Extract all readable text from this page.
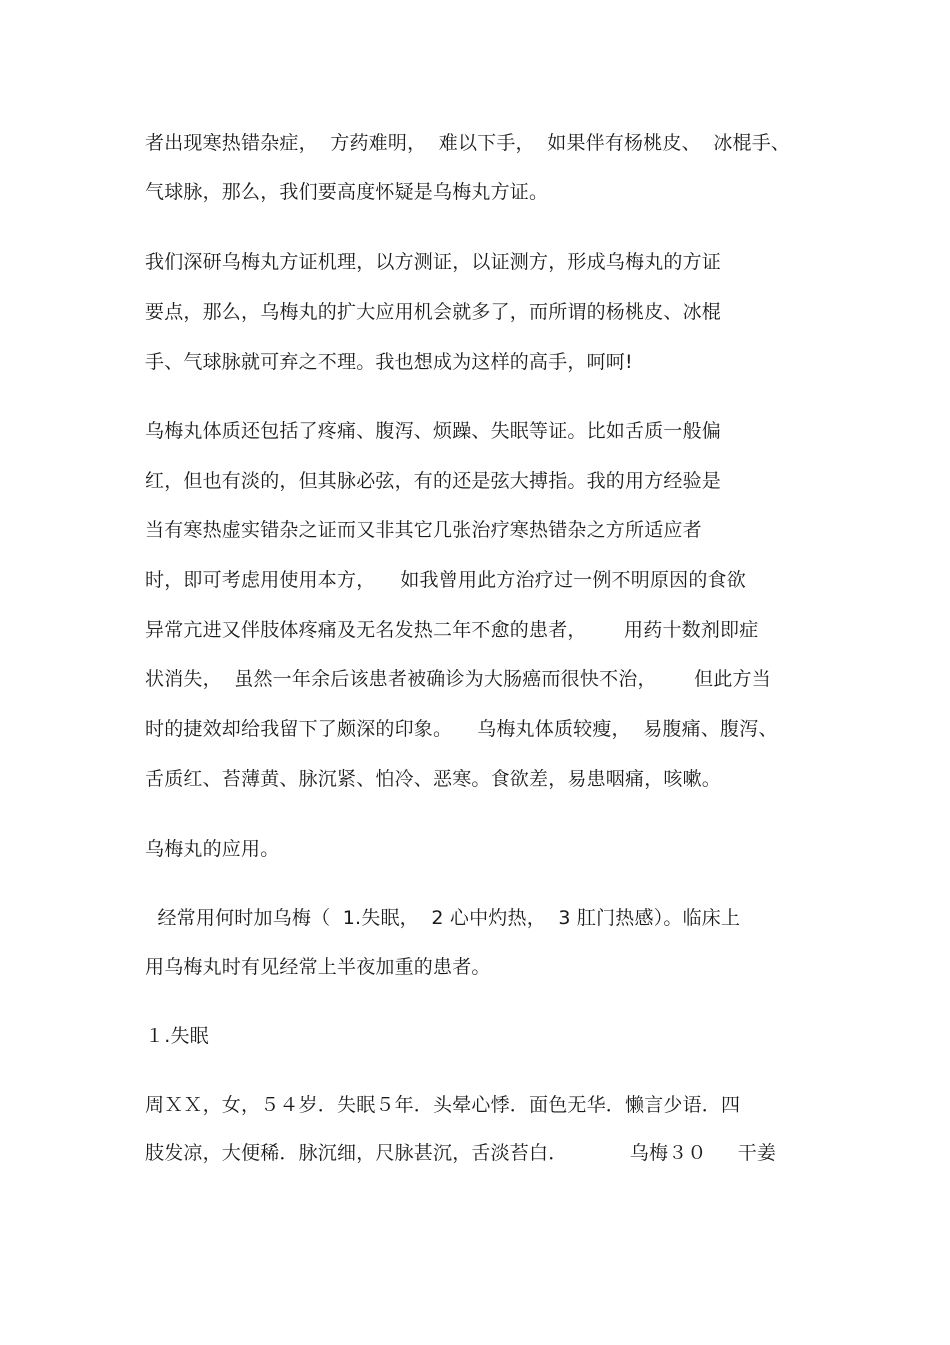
者出现寒热错杂症，  方药难明，  难以下手，  如果伴有杨桃皮、  冰棍手、
气球脉，那么，我们要高度怀疑是乌梅丸方证。
我们深研乌梅丸方证机理，以方测证，以证测方，形成乌梅丸的方证
要点，那么，乌梅丸的扩大应用机会就多了，而所谓的杨桃皮、冰棍
手、气球脉就可弃之不理。我也想成为这样的高手，呵呵!
乌梅丸体质还包括了疼痛、腹泻、烦躁、失眠等证。比如舌质一般偏
红，但也有淡的，但其脉必弦，有的还是弦大搏指。我的用方经验是
当有寒热虚实错杂之证而又非其它几张治疗寒热错杂之方所适应者
时，即可考虑用使用本方，    如我曾用此方治疗过一例不明原因的食欲
异常亢进又伴肢体疼痛及无名发热二年不愈的患者，      用药十数剂即症
状消失，  虽然一年余后该患者被确诊为大肠癌而很快不治，      但此方当
时的捷效却给我留下了颇深的印象。    乌梅丸体质较瘦，  易腹痛、腹泻、
舌质红、苔薄黄、脉沉紧、怕冷、恶寒。食欲差，易患咽痛，咳嗽。
乌梅丸的应用。
经常用何时加乌梅（  1.失眠，  2 心中灼热，  3 肛门热感）。临床上
用乌梅丸时有见经常上半夜加重的患者。
１.失眠
周ＸＸ，女，５４岁．失眠５年．头晕心悸．面色无华．懒言少语．四
肢发凉，大便稀．脉沉细，尺脉甚沉，舌淡苔白．          乌梅３０     干姜
